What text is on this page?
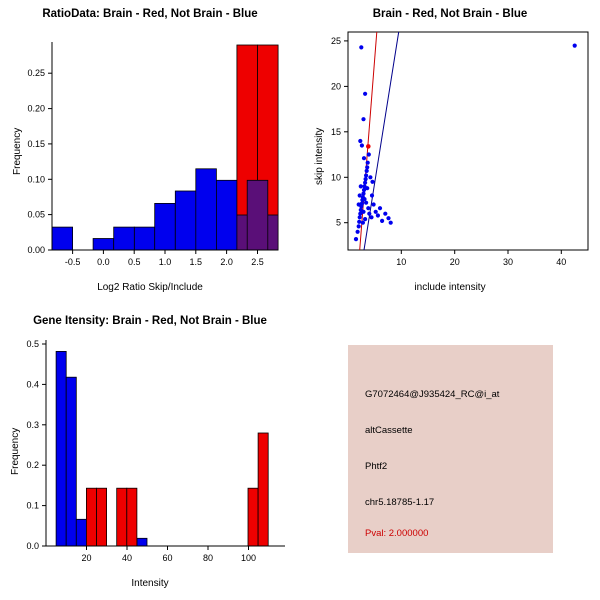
RatioData: Brain - Red, Not Brain - Blue
Frequency
Log2 Ratio Skip/Include
-0.5 0.0 0.5 1.0 1.5 2.0 2.5
0.00
0.05
0.10
0.15
0.20
0.25
Brain - Red, Not Brain - Blue
skip intensity
include intensity
10	20	30	40
5
10
15
20
25
Gene Itensity: Brain - Red, Not Brain - Blue
Frequency
Intensity
20	40	60	80	100
0.0
0.1
0.2
0.3
0.4
0.5
G7072464@J935424_RC@i_at
altCassette
Phtf2
chr5.18785-1.17
Pval: 2.000000
